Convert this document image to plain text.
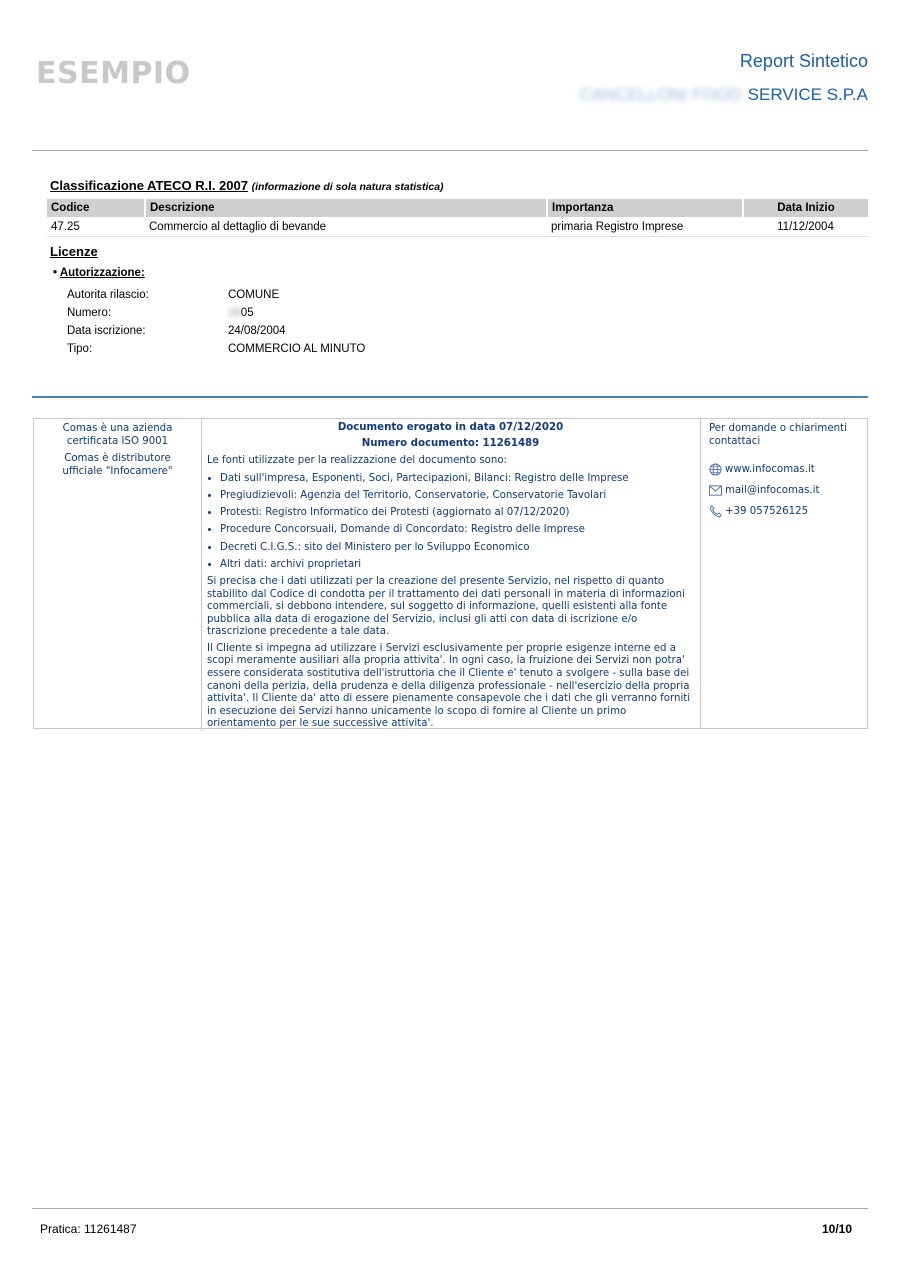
ESEMPIO	Report Sintetico
CANCELLONI FOOD SERVICE S.P.A
Classificazione ATECO R.I. 2007 (informazione di sola natura statistica)
Codice	Descrizione	Importanza	Data Inizio
47.25	Commercio al dettaglio di bevande	primaria Registro Imprese	11/12/2004
Licenze
• Autorizzazione:
Autorita rilascio:	COMUNE
Numero:	1805
Data iscrizione:	24/08/2004
Tipo:	COMMERCIO AL MINUTO
Comas è una azienda certificata ISO 9001
Comas è distributore ufficiale "Infocamere"
Documento erogato in data 07/12/2020
Numero documento: 11261489
Le fonti utilizzate per la realizzazione del documento sono:
• Dati sull'impresa, Esponenti, Soci, Partecipazioni, Bilanci: Registro delle Imprese
• Pregiudizievoli: Agenzia del Territorio, Conservatorie, Conservatorie Tavolari
• Protesti: Registro Informatico dei Protesti (aggiornato al 07/12/2020)
• Procedure Concorsuali, Domande di Concordato: Registro delle Imprese
• Decreti C.I.G.S.: sito del Ministero per lo Sviluppo Economico
• Altri dati: archivi proprietari

Si precisa che i dati utilizzati per la creazione del presente Servizio, nel rispetto di quanto stabilito dal Codice di condotta per il trattamento dei dati personali in materia di informazioni commerciali, si debbono intendere, sul soggetto di informazione, quelli esistenti alla fonte pubblica alla data di erogazione del Servizio, inclusi gli atti con data di iscrizione e/o trascrizione precedente a tale data.

Il Cliente si impegna ad utilizzare i Servizi esclusivamente per proprie esigenze interne ed a scopi meramente ausiliari alla propria attivita'. In ogni caso, la fruizione dei Servizi non potra' essere considerata sostitutiva dell'istruttoria che il Cliente e' tenuto a svolgere - sulla base dei canoni della perizia, della prudenza e della diligenza professionale - nell'esercizio della propria attivita'. Il Cliente da' atto di essere pienamente consapevole che i dati che gli verranno forniti in esecuzione dei Servizi hanno unicamente lo scopo di fornire al Cliente un primo orientamento per le sue successive attivita'.

Per domande o chiarimenti contattaci
www.infocomas.it
mail@infocomas.it
+39 057526125
Pratica: 11261487	10/10
